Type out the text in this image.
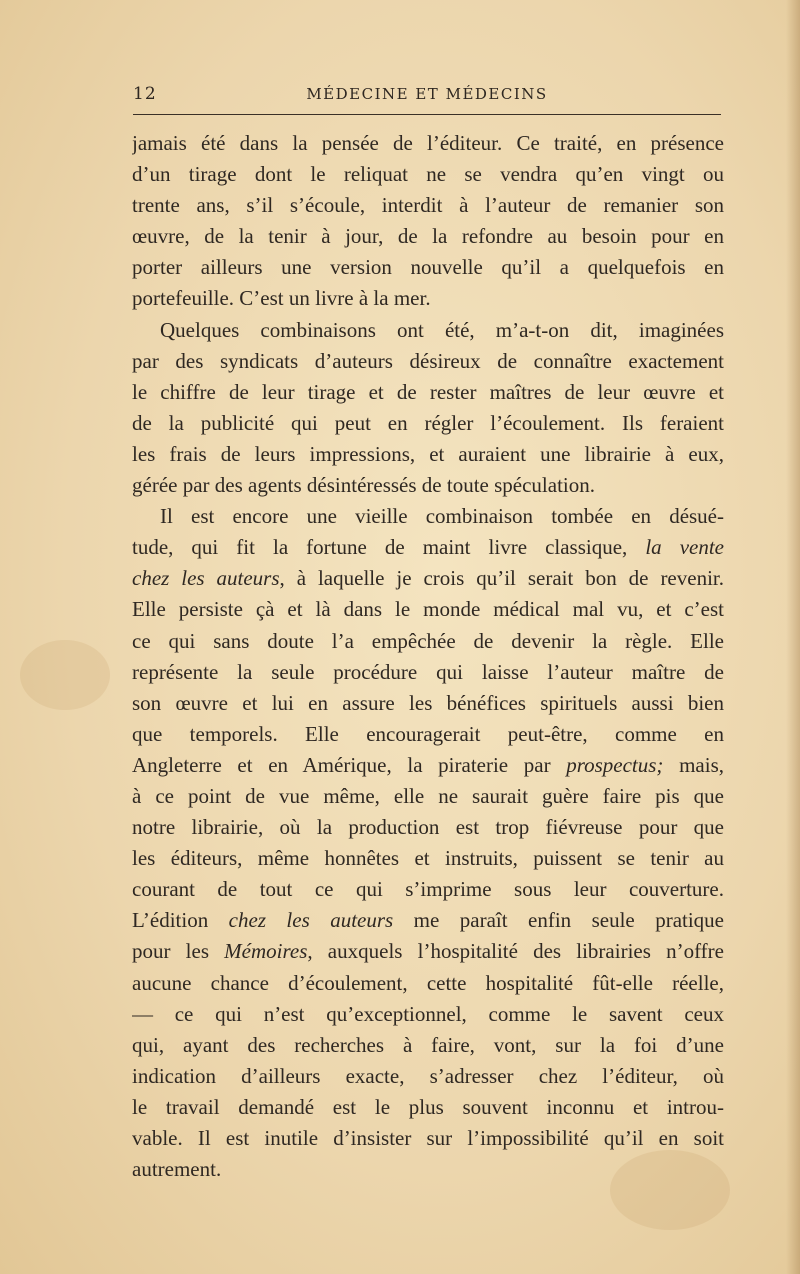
12	MÉDECINE ET MÉDECINS
jamais été dans la pensée de l’éditeur. Ce traité, en présence
d’un tirage dont le reliquat ne se vendra qu’en vingt ou
trente ans, s’il s’écoule, interdit à l’auteur de remanier son
œuvre, de la tenir à jour, de la refondre au besoin pour en
porter ailleurs une version nouvelle qu’il a quelquefois en
portefeuille. C’est un livre à la mer.
Quelques combinaisons ont été, m’a-t-on dit, imaginées
par des syndicats d’auteurs désireux de connaître exactement
le chiffre de leur tirage et de rester maîtres de leur œuvre et
de la publicité qui peut en régler l’écoulement. Ils feraient
les frais de leurs impressions, et auraient une librairie à eux,
gérée par des agents désintéressés de toute spéculation.
Il est encore une vieille combinaison tombée en désué-
tude, qui fit la fortune de maint livre classique, la vente
chez les auteurs, à laquelle je crois qu’il serait bon de revenir.
Elle persiste çà et là dans le monde médical mal vu, et c’est
ce qui sans doute l’a empêchée de devenir la règle. Elle
représente la seule procédure qui laisse l’auteur maître de
son œuvre et lui en assure les bénéfices spirituels aussi bien
que temporels. Elle encouragerait peut-être, comme en
Angleterre et en Amérique, la piraterie par prospectus; mais,
à ce point de vue même, elle ne saurait guère faire pis que
notre librairie, où la production est trop fiévreuse pour que
les éditeurs, même honnêtes et instruits, puissent se tenir au
courant de tout ce qui s’imprime sous leur couverture.
L’édition chez les auteurs me paraît enfin seule pratique
pour les Mémoires, auxquels l’hospitalité des librairies n’offre
aucune chance d’écoulement, cette hospitalité fût-elle réelle,
— ce qui n’est qu’exceptionnel, comme le savent ceux
qui, ayant des recherches à faire, vont, sur la foi d’une
indication d’ailleurs exacte, s’adresser chez l’éditeur, où
le travail demandé est le plus souvent inconnu et introu-
vable. Il est inutile d’insister sur l’impossibilité qu’il en soit
autrement.
